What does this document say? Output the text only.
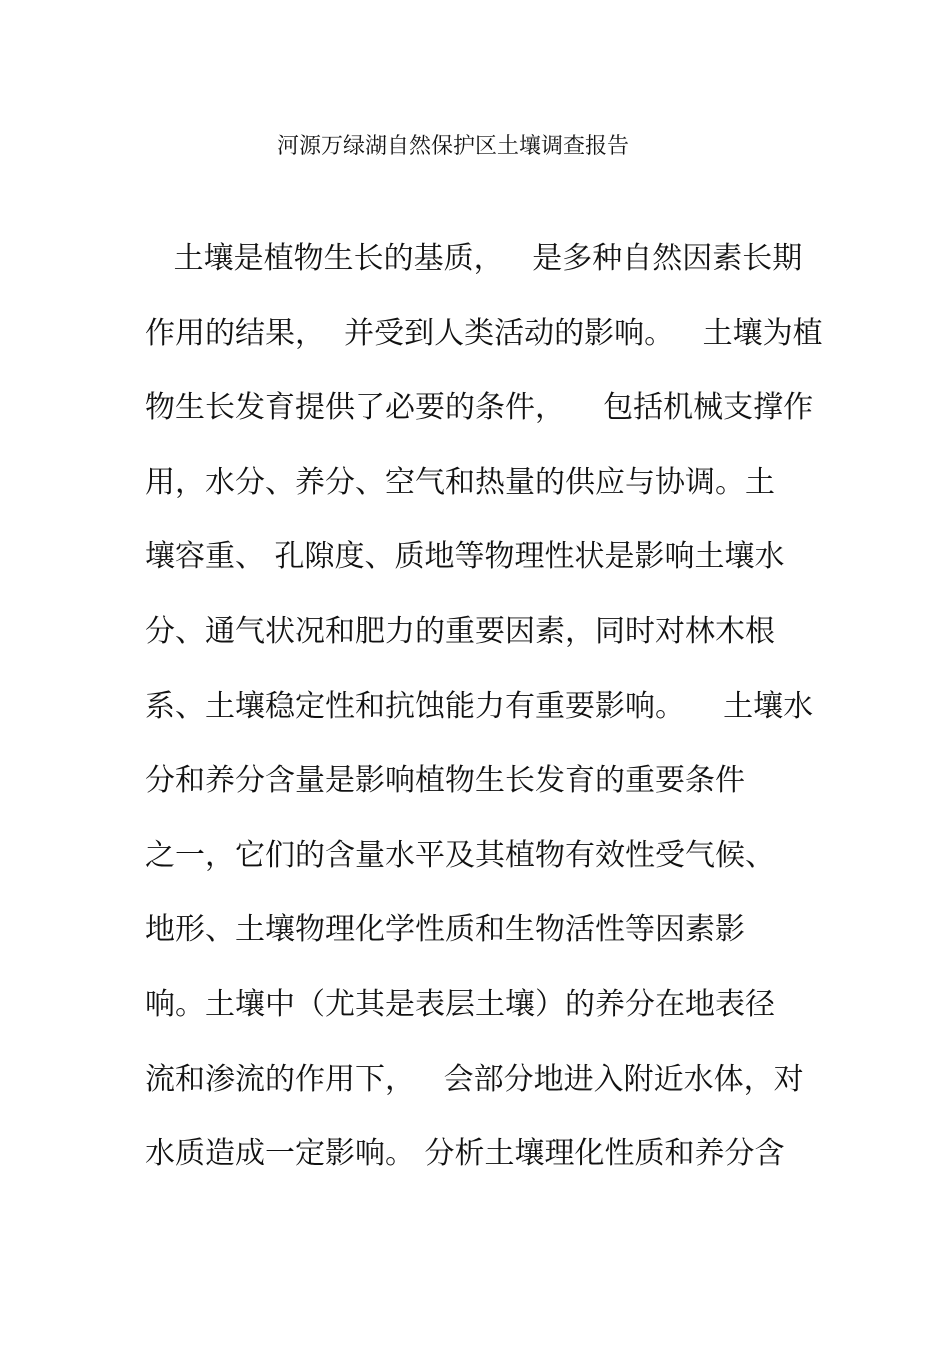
河源万绿湖自然保护区土壤调查报告
土壤是植物生长的基质，   是多种自然因素长期
作用的结果，  并受到人类活动的影响。   土壤为植
物生长发育提供了必要的条件，    包括机械支撑作
用，水分、养分、空气和热量的供应与协调。土
壤容重、 孔隙度、质地等物理性状是影响土壤水
分、通气状况和肥力的重要因素，同时对林木根
系、土壤稳定性和抗蚀能力有重要影响。    土壤水
分和养分含量是影响植物生长发育的重要条件
之一，它们的含量水平及其植物有效性受气候、
地形、土壤物理化学性质和生物活性等因素影
响。土壤中（尤其是表层土壤）的养分在地表径
流和渗流的作用下，   会部分地进入附近水体，对
水质造成一定影响。 分析土壤理化性质和养分含
